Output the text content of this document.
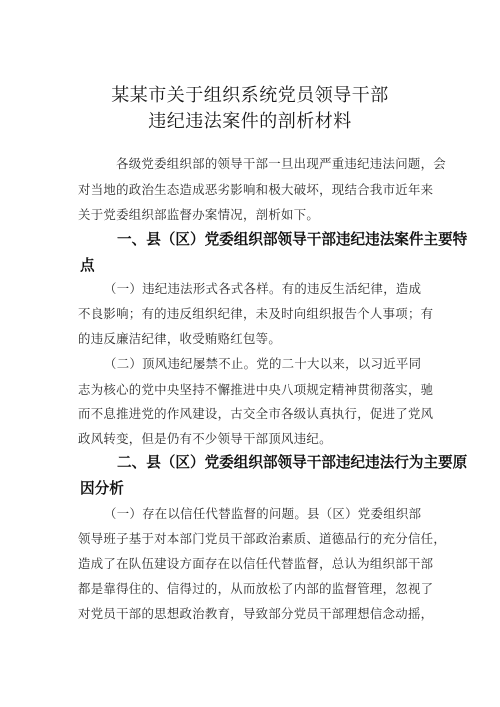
某某市关于组织系统党员领导干部
违纪违法案件的剖析材料
各级党委组织部的领导干部一旦出现严重违纪违法问题，会
对当地的政治生态造成恶劣影响和极大破坏，现结合我市近年来
关于党委组织部监督办案情况，剖析如下。
一、县（区）党委组织部领导干部违纪违法案件主要特
点
（一）违纪违法形式各式各样。有的违反生活纪律，造成
不良影响；有的违反组织纪律，未及时向组织报告个人事项；有
的违反廉洁纪律，收受贿赂红包等。
（二）顶风违纪屡禁不止。党的二十大以来，以习近平同
志为核心的党中央坚持不懈推进中央八项规定精神贯彻落实，驰
而不息推进党的作风建设，古交全市各级认真执行，促进了党风
政风转变，但是仍有不少领导干部顶风违纪。
二、县（区）党委组织部领导干部违纪违法行为主要原
因分析
（一）存在以信任代替监督的问题。县（区）党委组织部
领导班子基于对本部门党员干部政治素质、道德品行的充分信任，
造成了在队伍建设方面存在以信任代替监督，总认为组织部干部
都是靠得住的、信得过的，从而放松了内部的监督管理，忽视了
对党员干部的思想政治教育，导致部分党员干部理想信念动摇，
